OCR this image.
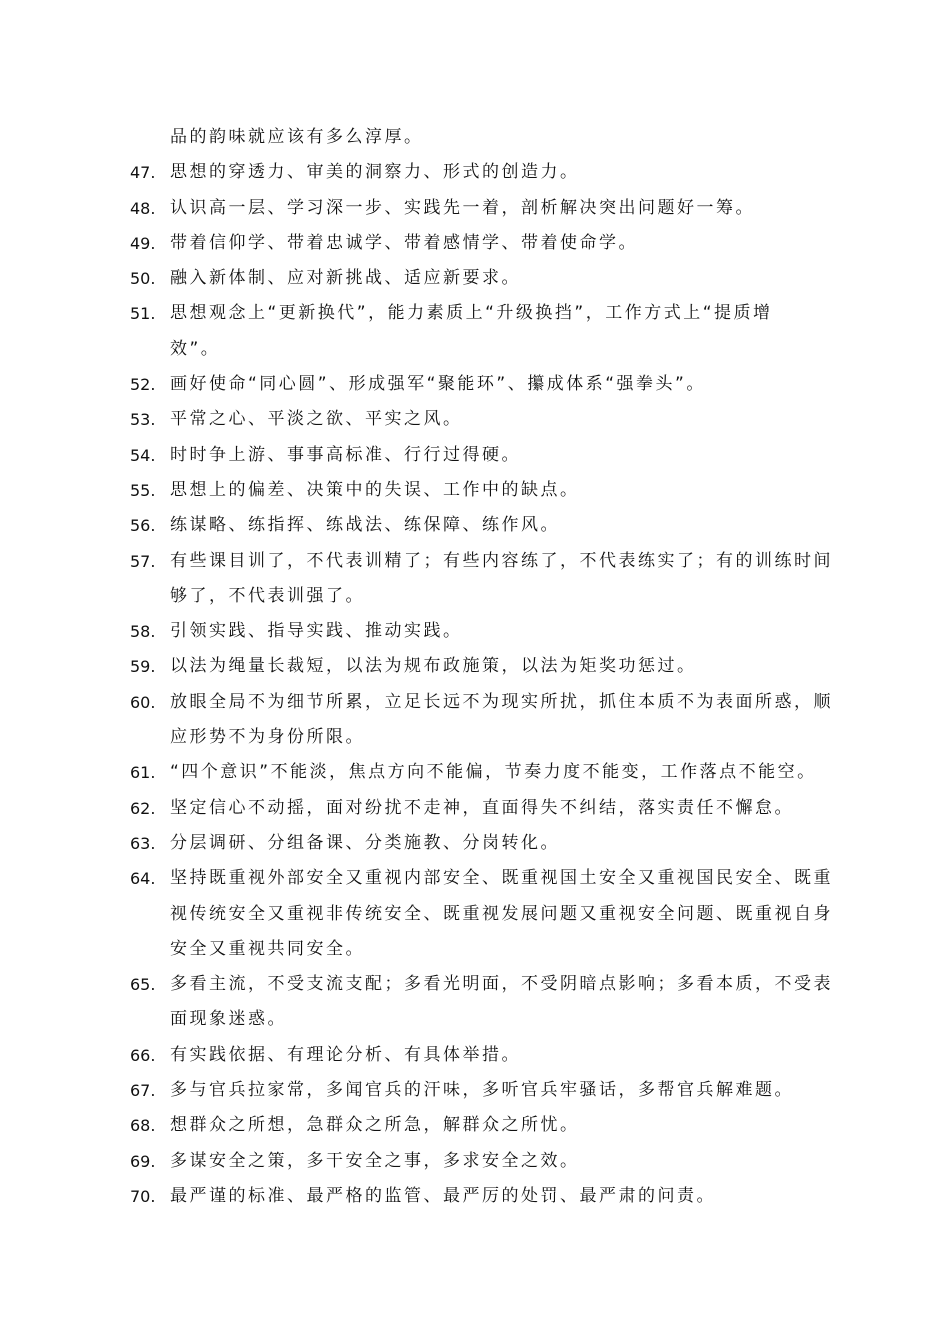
品的韵味就应该有多么淳厚。
47. 思想的穿透力、审美的洞察力、形式的创造力。
48. 认识高一层、学习深一步、实践先一着，剖析解决突出问题好一筹。
49. 带着信仰学、带着忠诚学、带着感情学、带着使命学。
50. 融入新体制、应对新挑战、适应新要求。
51. 思想观念上“更新换代”，能力素质上“升级换挡”，工作方式上“提质增
效”。
52. 画好使命“同心圆”、形成强军“聚能环”、攥成体系“强拳头”。
53. 平常之心、平淡之欲、平实之风。
54. 时时争上游、事事高标准、行行过得硬。
55. 思想上的偏差、决策中的失误、工作中的缺点。
56. 练谋略、练指挥、练战法、练保障、练作风。
57. 有些课目训了，不代表训精了；有些内容练了，不代表练实了；有的训练时间
够了，不代表训强了。
58. 引领实践、指导实践、推动实践。
59. 以法为绳量长裁短，以法为规布政施策，以法为矩奖功惩过。
60. 放眼全局不为细节所累，立足长远不为现实所扰，抓住本质不为表面所惑，顺
应形势不为身份所限。
61. “四个意识”不能淡，焦点方向不能偏，节奏力度不能变，工作落点不能空。
62. 坚定信心不动摇，面对纷扰不走神，直面得失不纠结，落实责任不懈怠。
63. 分层调研、分组备课、分类施教、分岗转化。
64. 坚持既重视外部安全又重视内部安全、既重视国土安全又重视国民安全、既重
视传统安全又重视非传统安全、既重视发展问题又重视安全问题、既重视自身
安全又重视共同安全。
65. 多看主流，不受支流支配；多看光明面，不受阴暗点影响；多看本质，不受表
面现象迷惑。
66. 有实践依据、有理论分析、有具体举措。
67. 多与官兵拉家常，多闻官兵的汗味，多听官兵牢骚话，多帮官兵解难题。
68. 想群众之所想，急群众之所急，解群众之所忧。
69. 多谋安全之策，多干安全之事，多求安全之效。
70. 最严谨的标准、最严格的监管、最严厉的处罚、最严肃的问责。
